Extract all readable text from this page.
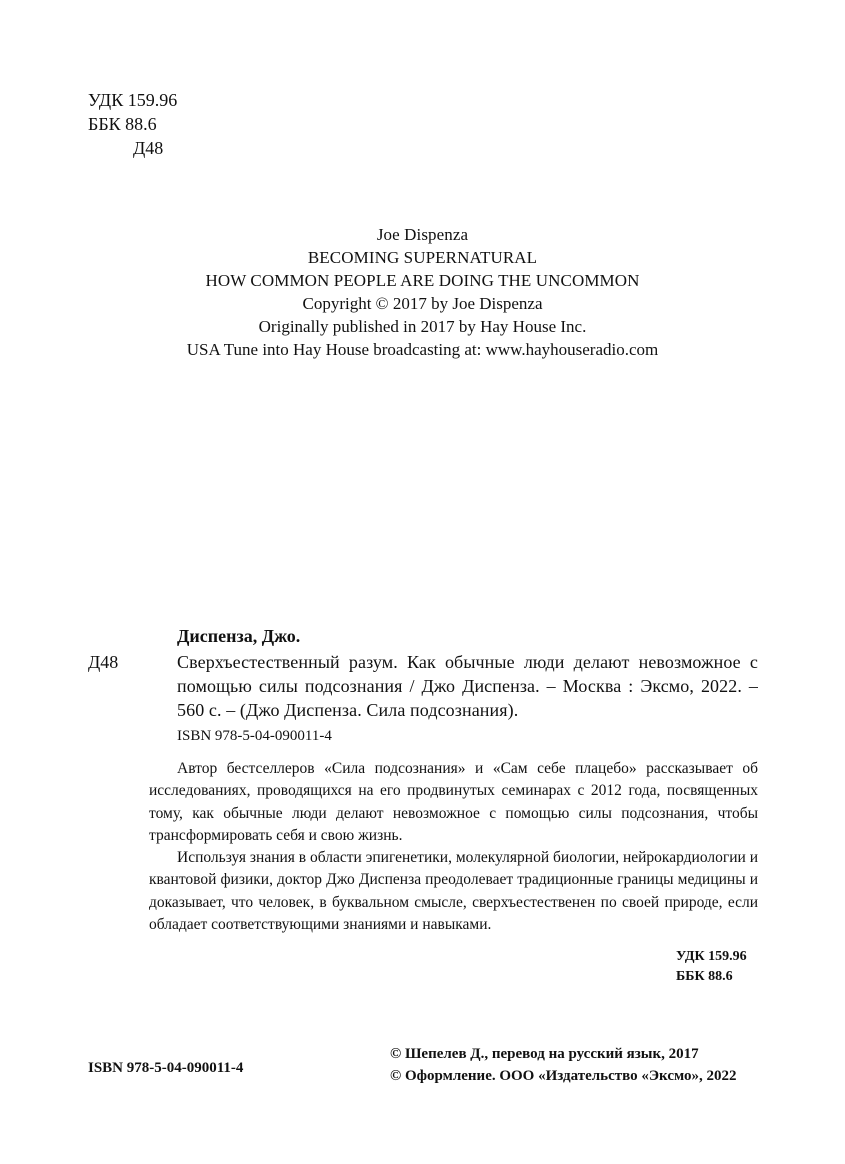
УДК 159.96
ББК 88.6
Д48
Joe Dispenza
BECOMING SUPERNATURAL
HOW COMMON PEOPLE ARE DOING THE UNCOMMON
Copyright © 2017 by Joe Dispenza
Originally published in 2017 by Hay House Inc.
USA Tune into Hay House broadcasting at: www.hayhouseradio.com
Диспенза, Джо.
Д48	Сверхъестественный разум. Как обычные люди делают невозможное с помощью силы подсознания / Джо Диспенза. – Москва : Эксмо, 2022. – 560 с. – (Джо Диспенза. Сила подсознания).
ISBN 978-5-04-090011-4

Автор бестселлеров «Сила подсознания» и «Сам себе плацебо» рассказывает об исследованиях, проводящихся на его продвинутых семинарах с 2012 года, посвященных тому, как обычные люди делают невозможное с помощью силы подсознания, чтобы трансформировать себя и свою жизнь.

Используя знания в области эпигенетики, молекулярной биологии, нейрокардиологии и квантовой физики, доктор Джо Диспенза преодолевает традиционные границы медицины и доказывает, что человек, в буквальном смысле, сверхъестественен по своей природе, если обладает соответствующими знаниями и навыками.

УДК 159.96
ББК 88.6
ISBN 978-5-04-090011-4
© Шепелев Д., перевод на русский язык, 2017
© Оформление. ООО «Издательство «Эксмо», 2022
